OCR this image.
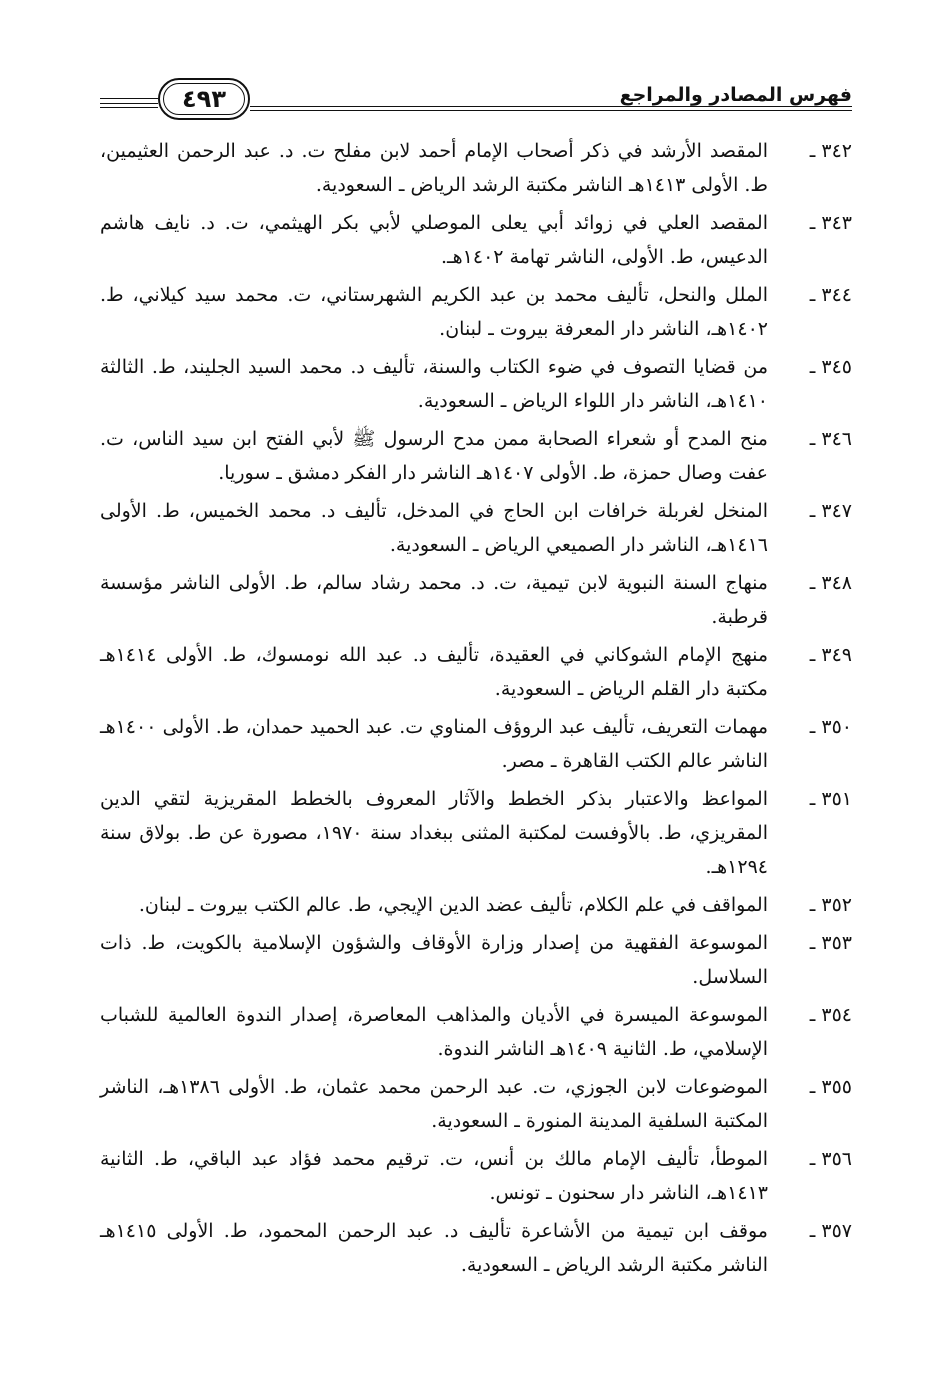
فهرس المصادر والمراجع
٤٩٣
٣٤٢ ـ
المقصد الأرشد في ذكر أصحاب الإمام أحمد لابن مفلح ت. د. عبد الرحمن العثيمين، ط. الأولى ١٤١٣هـ الناشر مكتبة الرشد الرياض ـ السعودية.
٣٤٣ ـ
المقصد العلي في زوائد أبي يعلى الموصلي لأبي بكر الهيثمي، ت. د. نايف هاشم الدعيس، ط. الأولى، الناشر تهامة ١٤٠٢هـ.
٣٤٤ ـ
الملل والنحل، تأليف محمد بن عبد الكريم الشهرستاني، ت. محمد سيد كيلاني، ط. ١٤٠٢هـ، الناشر دار المعرفة بيروت ـ لبنان.
٣٤٥ ـ
من قضايا التصوف في ضوء الكتاب والسنة، تأليف د. محمد السيد الجليند، ط. الثالثة ١٤١٠هـ، الناشر دار اللواء الرياض ـ السعودية.
٣٤٦ ـ
منح المدح أو شعراء الصحابة ممن مدح الرسول ﷺ لأبي الفتح ابن سيد الناس، ت. عفت وصال حمزة، ط. الأولى ١٤٠٧هـ الناشر دار الفكر دمشق ـ سوريا.
٣٤٧ ـ
المنخل لغربلة خرافات ابن الحاج في المدخل، تأليف د. محمد الخميس، ط. الأولى ١٤١٦هـ، الناشر دار الصميعي الرياض ـ السعودية.
٣٤٨ ـ
منهاج السنة النبوية لابن تيمية، ت. د. محمد رشاد سالم، ط. الأولى الناشر مؤسسة قرطبة.
٣٤٩ ـ
منهج الإمام الشوكاني في العقيدة، تأليف د. عبد الله نومسوك، ط. الأولى ١٤١٤هـ مكتبة دار القلم الرياض ـ السعودية.
٣٥٠ ـ
مهمات التعريف، تأليف عبد الروؤف المناوي ت. عبد الحميد حمدان، ط. الأولى ١٤٠٠هـ الناشر عالم الكتب القاهرة ـ مصر.
٣٥١ ـ
المواعظ والاعتبار بذكر الخطط والآثار المعروف بالخطط المقريزية لتقي الدين المقريزي، ط. بالأوفست لمكتبة المثنى ببغداد سنة ١٩٧٠، مصورة عن ط. بولاق سنة ١٢٩٤هـ.
٣٥٢ ـ
المواقف في علم الكلام، تأليف عضد الدين الإيجي، ط. عالم الكتب بيروت ـ لبنان.
٣٥٣ ـ
الموسوعة الفقهية من إصدار وزارة الأوقاف والشؤون الإسلامية بالكويت، ط. ذات السلاسل.
٣٥٤ ـ
الموسوعة الميسرة في الأديان والمذاهب المعاصرة، إصدار الندوة العالمية للشباب الإسلامي، ط. الثانية ١٤٠٩هـ الناشر الندوة.
٣٥٥ ـ
الموضوعات لابن الجوزي، ت. عبد الرحمن محمد عثمان، ط. الأولى ١٣٨٦هـ، الناشر المكتبة السلفية المدينة المنورة ـ السعودية.
٣٥٦ ـ
الموطأ، تأليف الإمام مالك بن أنس، ت. ترقيم محمد فؤاد عبد الباقي، ط. الثانية ١٤١٣هـ، الناشر دار سحنون ـ تونس.
٣٥٧ ـ
موقف ابن تيمية من الأشاعرة تأليف د. عبد الرحمن المحمود، ط. الأولى ١٤١٥هـ الناشر مكتبة الرشد الرياض ـ السعودية.
